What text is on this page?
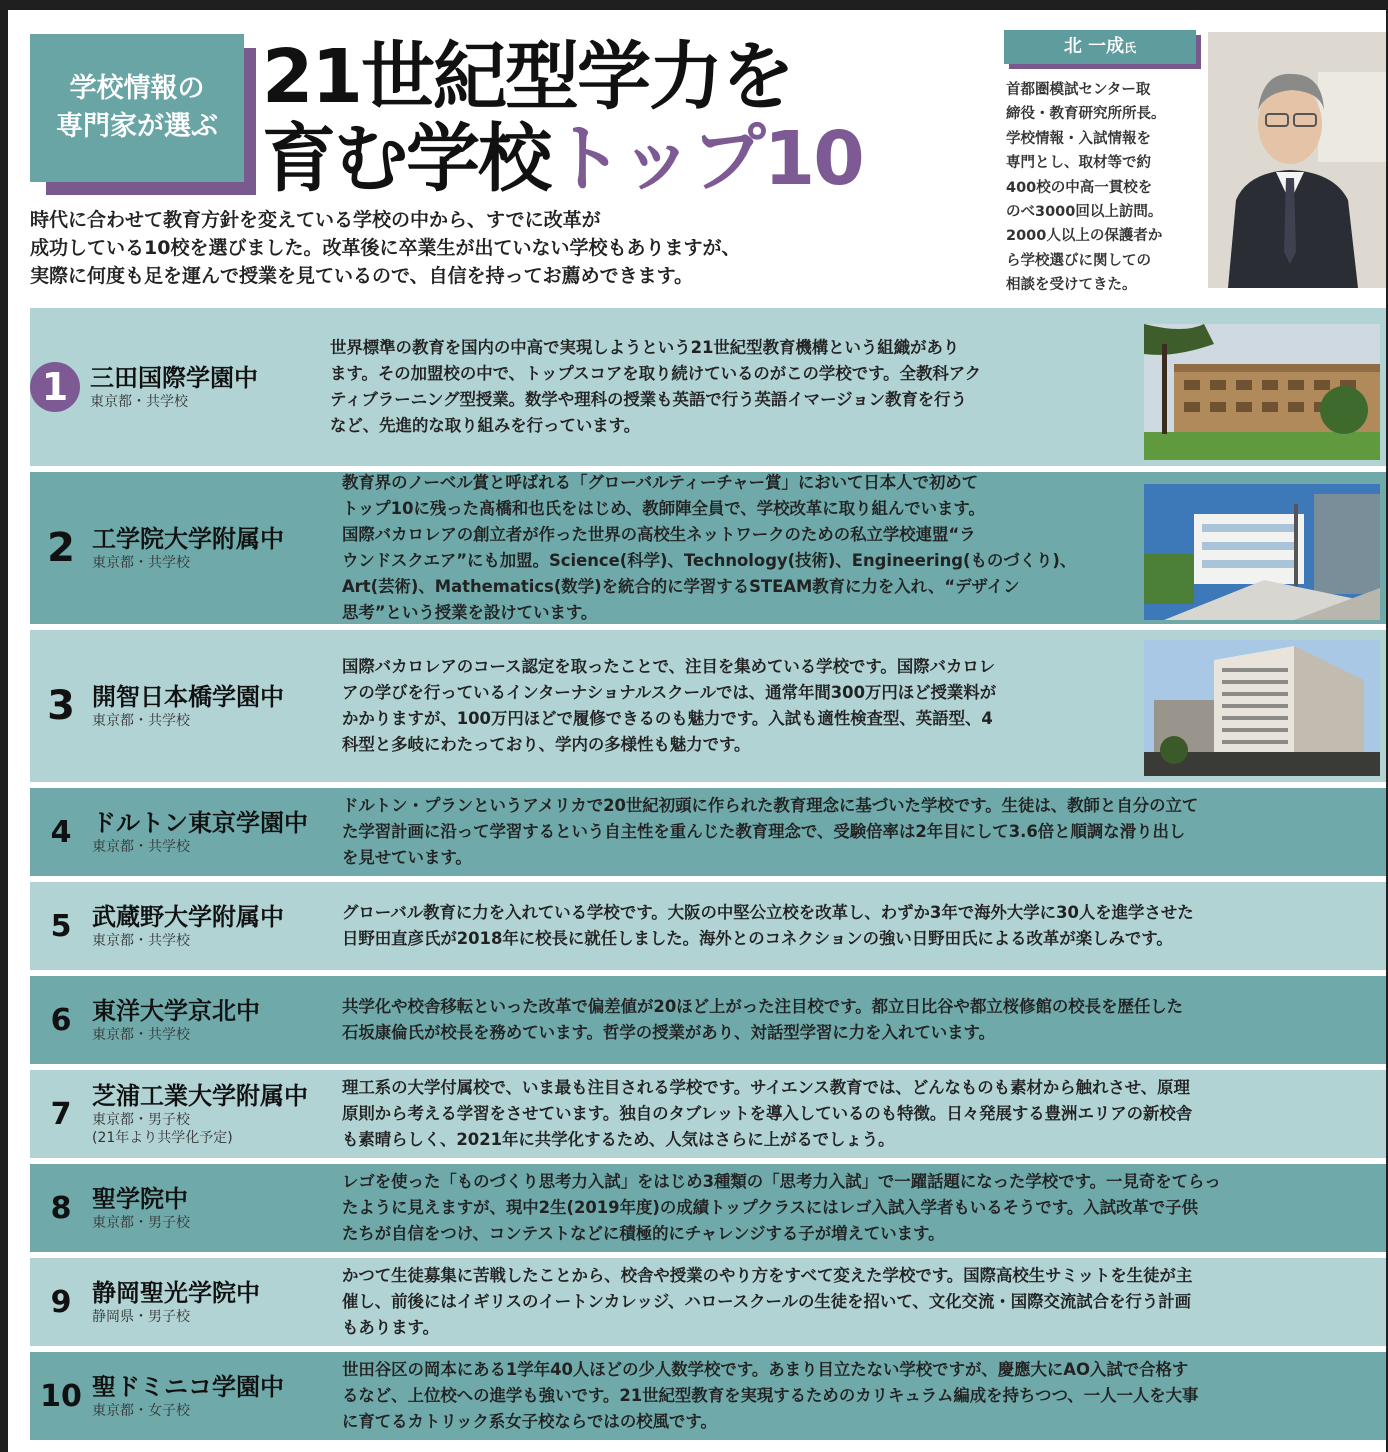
学校情報の
専門家が選ぶ
21世紀型学力を
育む学校トップ10
時代に合わせて教育方針を変えている学校の中から、すでに改革が
成功している10校を選びました。改革後に卒業生が出ていない学校もありますが、
実際に何度も足を運んで授業を見ているので、自信を持ってお薦めできます。
北 一成氏
首都圏模試センター取
締役・教育研究所所長。
学校情報・入試情報を
専門とし、取材等で約
400校の中高一貫校を
のべ3000回以上訪問。
2000人以上の保護者か
ら学校選びに関しての
相談を受けてきた。
1 三田国際学園中
東京都・共学校
世界標準の教育を国内の中高で実現しようという21世紀型教育機構という組織があり
ます。その加盟校の中で、トップスコアを取り続けているのがこの学校です。全教科アク
ティブラーニング型授業。数学や理科の授業も英語で行う英語イマージョン教育を行う
など、先進的な取り組みを行っています。
2 工学院大学附属中
東京都・共学校
教育界のノーベル賞と呼ばれる「グローバルティーチャー賞」において日本人で初めて
トップ10に残った髙橋和也氏をはじめ、教師陣全員で、学校改革に取り組んでいます。
国際バカロレアの創立者が作った世界の高校生ネットワークのための私立学校連盟“ラ
ウンドスクエア”にも加盟。Science(科学)、Technology(技術)、Engineering(ものづくり)、
Art(芸術)、Mathematics(数学)を統合的に学習するSTEAM教育に力を入れ、“デザイン
思考”という授業を設けています。
3 開智日本橋学園中
東京都・共学校
国際バカロレアのコース認定を取ったことで、注目を集めている学校です。国際バカロレ
アの学びを行っているインターナショナルスクールでは、通常年間300万円ほど授業料が
かかりますが、100万円ほどで履修できるのも魅力です。入試も適性検査型、英語型、4
科型と多岐にわたっており、学内の多様性も魅力です。
4 ドルトン東京学園中
東京都・共学校
ドルトン・プランというアメリカで20世紀初頭に作られた教育理念に基づいた学校です。生徒は、教師と自分の立て
た学習計画に沿って学習するという自主性を重んじた教育理念で、受験倍率は2年目にして3.6倍と順調な滑り出し
を見せています。
5 武蔵野大学附属中
東京都・共学校
グローバル教育に力を入れている学校です。大阪の中堅公立校を改革し、わずか3年で海外大学に30人を進学させた
日野田直彦氏が2018年に校長に就任しました。海外とのコネクションの強い日野田氏による改革が楽しみです。
6 東洋大学京北中
東京都・共学校
共学化や校舎移転といった改革で偏差値が20ほど上がった注目校です。都立日比谷や都立桜修館の校長を歴任した
石坂康倫氏が校長を務めています。哲学の授業があり、対話型学習に力を入れています。
7
芝浦工業大学附属中
東京都・男子校
(21年より共学化予定)
理工系の大学付属校で、いま最も注目される学校です。サイエンス教育では、どんなものも素材から触れさせ、原理
原則から考える学習をさせています。独自のタブレットを導入しているのも特徴。日々発展する豊洲エリアの新校舎
も素晴らしく、2021年に共学化するため、人気はさらに上がるでしょう。
8 聖学院中
東京都・男子校
レゴを使った「ものづくり思考力入試」をはじめ3種類の「思考力入試」で一躍話題になった学校です。一見奇をてらっ
たように見えますが、現中2生(2019年度)の成績トップクラスにはレゴ入試入学者もいるそうです。入試改革で子供
たちが自信をつけ、コンテストなどに積極的にチャレンジする子が増えています。
9 静岡聖光学院中
静岡県・男子校
かつて生徒募集に苦戦したことから、校舎や授業のやり方をすべて変えた学校です。国際高校生サミットを生徒が主
催し、前後にはイギリスのイートンカレッジ、ハロースクールの生徒を招いて、文化交流・国際交流試合を行う計画
もあります。
10 聖ドミニコ学園中
東京都・女子校
世田谷区の岡本にある1学年40人ほどの少人数学校です。あまり目立たない学校ですが、慶應大にAO入試で合格す
るなど、上位校への進学も強いです。21世紀型教育を実現するためのカリキュラム編成を持ちつつ、一人一人を大事
に育てるカトリック系女子校ならではの校風です。
